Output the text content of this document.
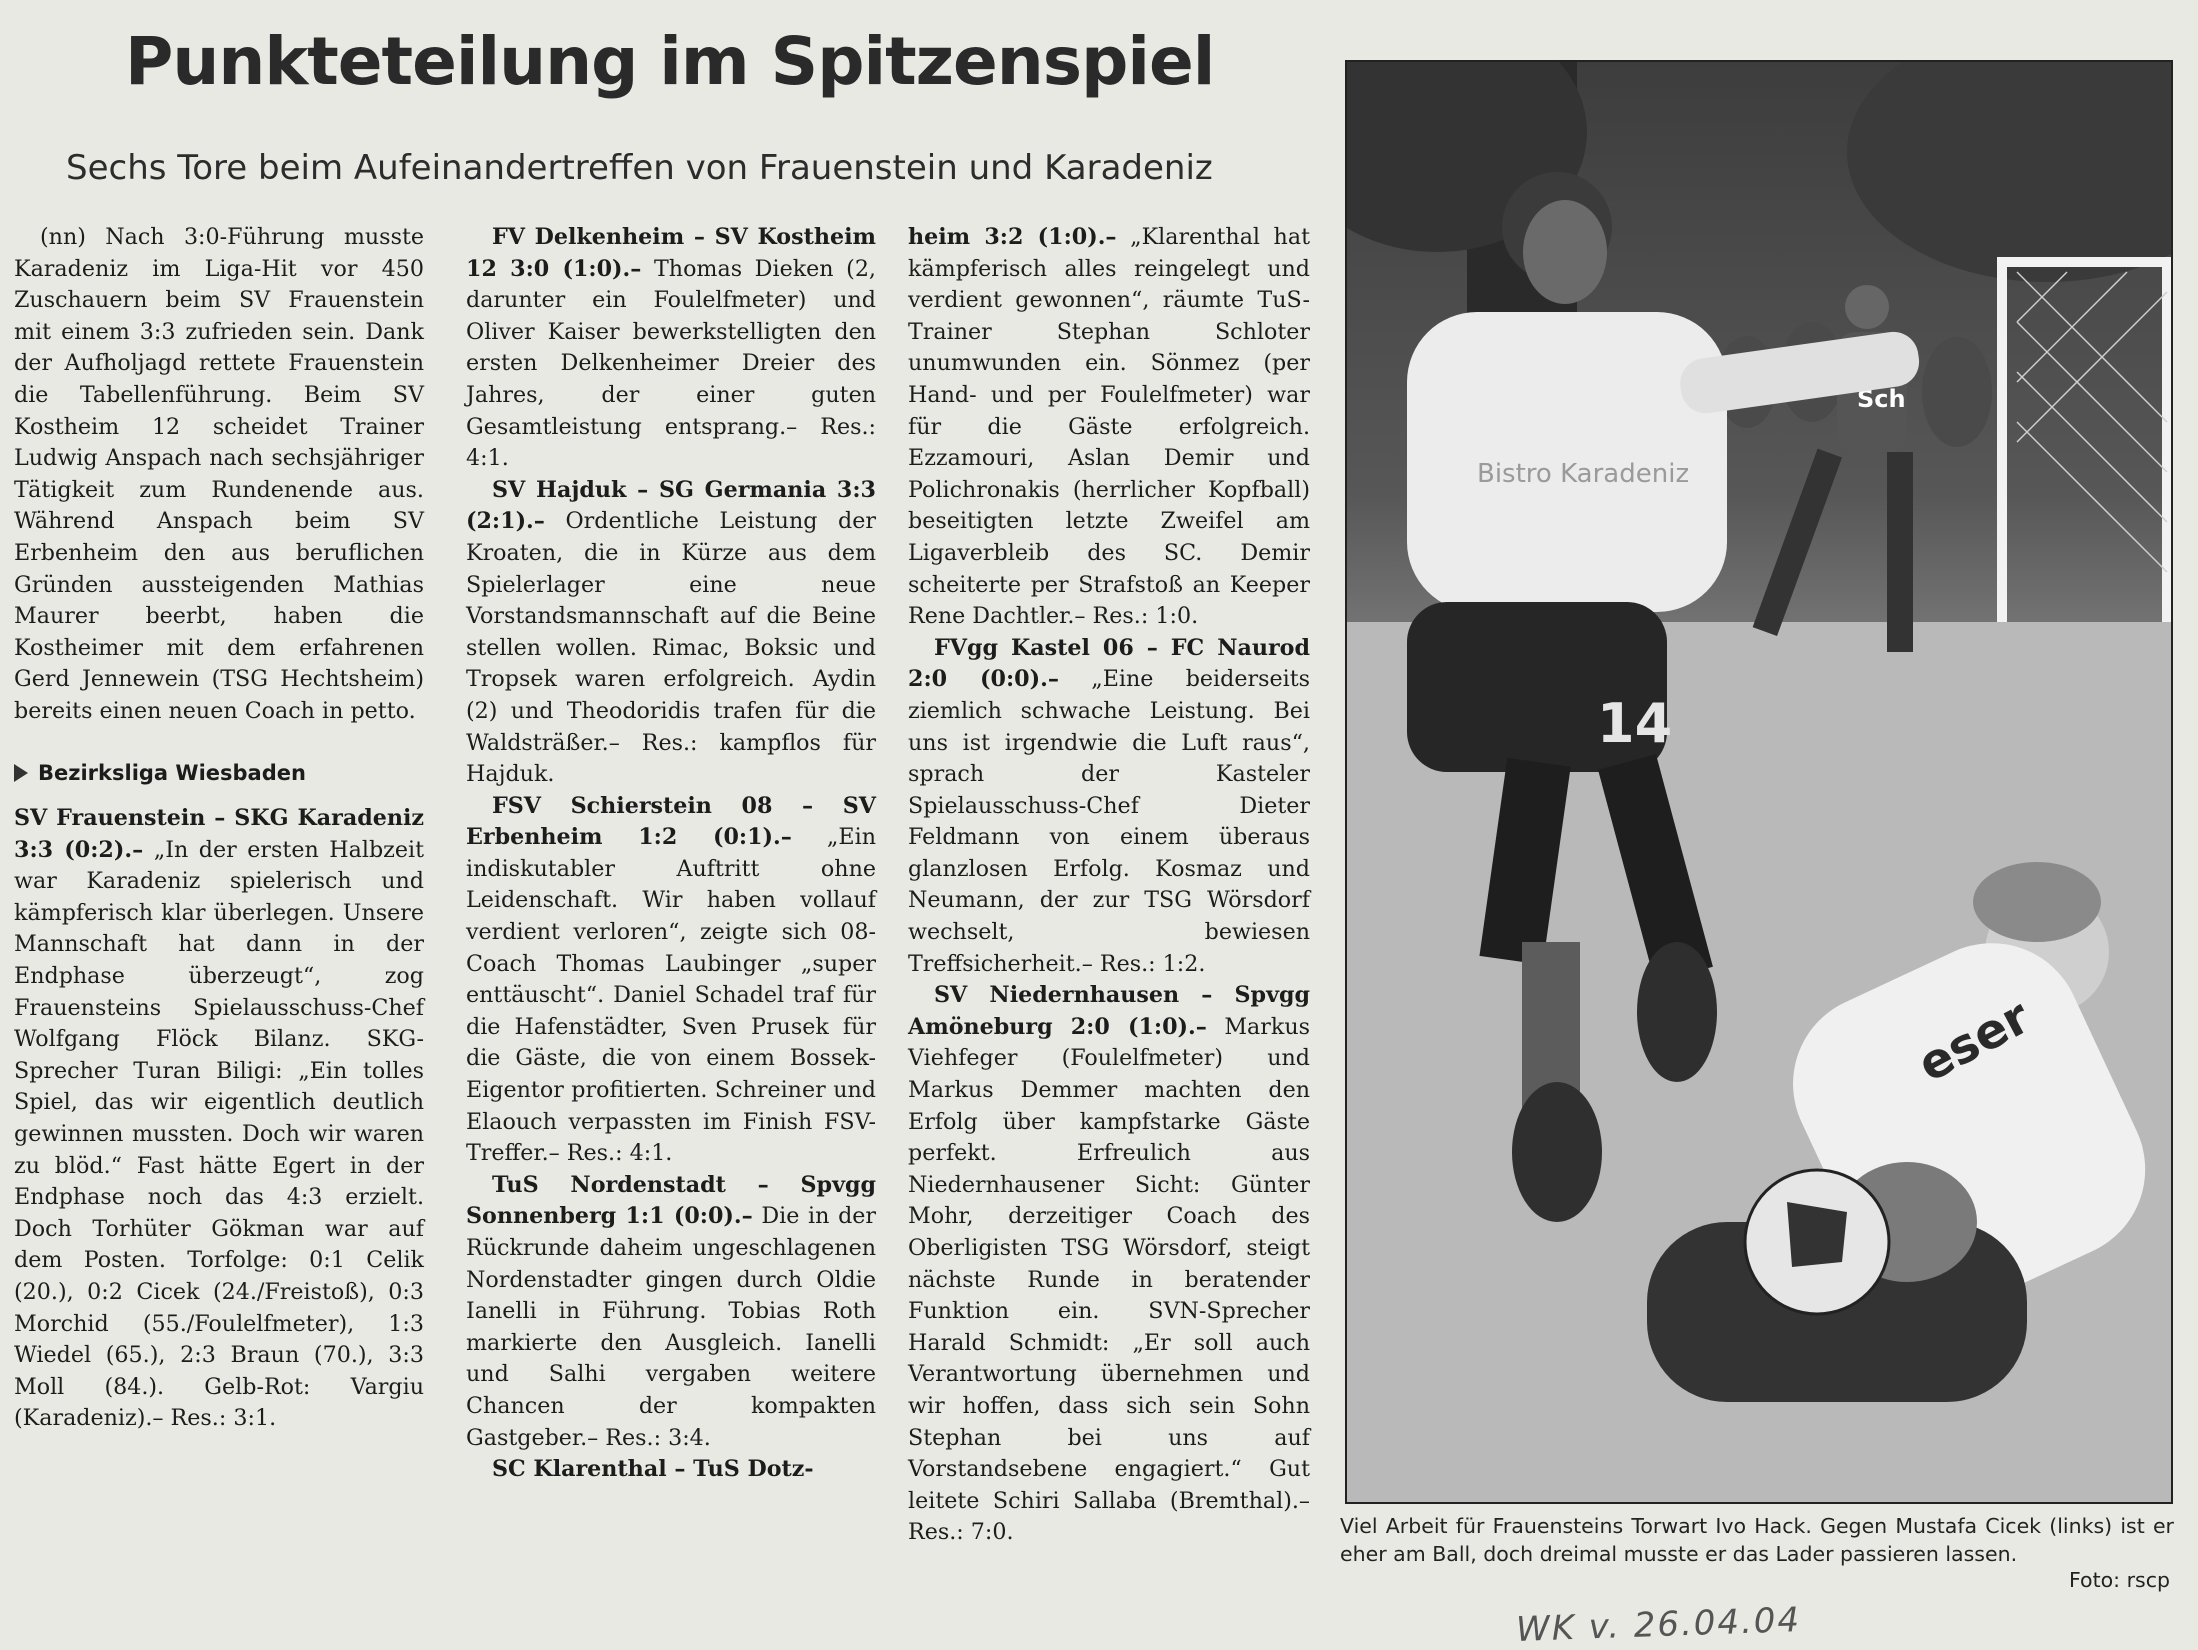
Punkteteilung im Spitzenspiel
Sechs Tore beim Aufeinandertreffen von Frauenstein und Karadeniz

(nn) Nach 3:0-Führung musste Karadeniz im Liga-Hit vor 450 Zuschauern beim SV Frauenstein mit einem 3:3 zufrieden sein. Dank der Aufholjagd rettete Frauenstein die Tabellenführung. Beim SV Kostheim 12 scheidet Trainer Ludwig Anspach nach sechsjähriger Tätigkeit zum Rundenende aus. Während Anspach beim SV Erbenheim den aus beruflichen Gründen aussteigenden Mathias Maurer beerbt, haben die Kostheimer mit dem erfahrenen Gerd Jennewein (TSG Hechtsheim) bereits einen neuen Coach in petto.

Bezirksliga Wiesbaden

SV Frauenstein – SKG Karadeniz 3:3 (0:2).– „In der ersten Halbzeit war Karadeniz spielerisch und kämpferisch klar überlegen. Unsere Mannschaft hat dann in der Endphase überzeugt“, zog Frauensteins Spielausschuss-Chef Wolfgang Flöck Bilanz. SKG-Sprecher Turan Biligi: „Ein tolles Spiel, das wir eigentlich deutlich gewinnen mussten. Doch wir waren zu blöd.“ Fast hätte Egert in der Endphase noch das 4:3 erzielt. Doch Torhüter Gökman war auf dem Posten. Torfolge: 0:1 Celik (20.), 0:2 Cicek (24./Freistoß), 0:3 Morchid (55./Foulelfmeter), 1:3 Wiedel (65.), 2:3 Braun (70.), 3:3 Moll (84.). Gelb-Rot: Vargiu (Karadeniz).– Res.: 3:1.

FV Delkenheim – SV Kostheim 12 3:0 (1:0).– Thomas Dieken (2, darunter ein Foulelfmeter) und Oliver Kaiser bewerkstelligten den ersten Delkenheimer Dreier des Jahres, der einer guten Gesamtleistung entsprang.– Res.: 4:1.

SV Hajduk – SG Germania 3:3 (2:1).– Ordentliche Leistung der Kroaten, die in Kürze aus dem Spielerlager eine neue Vorstandsmannschaft auf die Beine stellen wollen. Rimac, Boksic und Tropsek waren erfolgreich. Aydin (2) und Theodoridis trafen für die Waldsträßer.– Res.: kampflos für Hajduk.

FSV Schierstein 08 – SV Erbenheim 1:2 (0:1).– „Ein indiskutabler Auftritt ohne Leidenschaft. Wir haben vollauf verdient verloren“, zeigte sich 08-Coach Thomas Laubinger „super enttäuscht“. Daniel Schadel traf für die Hafenstädter, Sven Prusek für die Gäste, die von einem Bossek-Eigentor profitierten. Schreiner und Elaouch verpassten im Finish FSV-Treffer.– Res.: 4:1.

TuS Nordenstadt – Spvgg Sonnenberg 1:1 (0:0).– Die in der Rückrunde daheim ungeschlagenen Nordenstadter gingen durch Oldie Ianelli in Führung. Tobias Roth markierte den Ausgleich. Ianelli und Salhi vergaben weitere Chancen der kompakten Gastgeber.– Res.: 3:4.

SC Klarenthal – TuS Dotz-

heim 3:2 (1:0).– „Klarenthal hat kämpferisch alles reingelegt und verdient gewonnen“, räumte TuS-Trainer Stephan Schloter unumwunden ein. Sönmez (per Hand- und per Foulelfmeter) war für die Gäste erfolgreich. Ezzamouri, Aslan Demir und Polichronakis (herrlicher Kopfball) beseitigten letzte Zweifel am Ligaverbleib des SC. Demir scheiterte per Strafstoß an Keeper Rene Dachtler.– Res.: 1:0.

FVgg Kastel 06 – FC Naurod 2:0 (0:0).– „Eine beiderseits ziemlich schwache Leistung. Bei uns ist irgendwie die Luft raus“, sprach der Kasteler Spielausschuss-Chef Dieter Feldmann von einem überaus glanzlosen Erfolg. Kosmaz und Neumann, der zur TSG Wörsdorf wechselt, bewiesen Treffsicherheit.– Res.: 1:2.

SV Niedernhausen – Spvgg Amöneburg 2:0 (1:0).– Markus Viehfeger (Foulelfmeter) und Markus Demmer machten den Erfolg über kampfstarke Gäste perfekt. Erfreulich aus Niedernhausener Sicht: Günter Mohr, derzeitiger Coach des Oberligisten TSG Wörsdorf, steigt nächste Runde in beratender Funktion ein. SVN-Sprecher Harald Schmidt: „Er soll auch Verantwortung übernehmen und wir hoffen, dass sich sein Sohn Stephan bei uns auf Vorstandsebene engagiert.“ Gut leitete Schiri Sallaba (Bremthal).– Res.: 7:0.

Sch
Bistro Karadeniz
14
eser
Viel Arbeit für Frauensteins Torwart Ivo Hack. Gegen Mustafa Cicek (links) ist er eher am Ball, doch dreimal musste er das Lader passieren lassen.
Foto: rscp
WK v. 26.04.04
